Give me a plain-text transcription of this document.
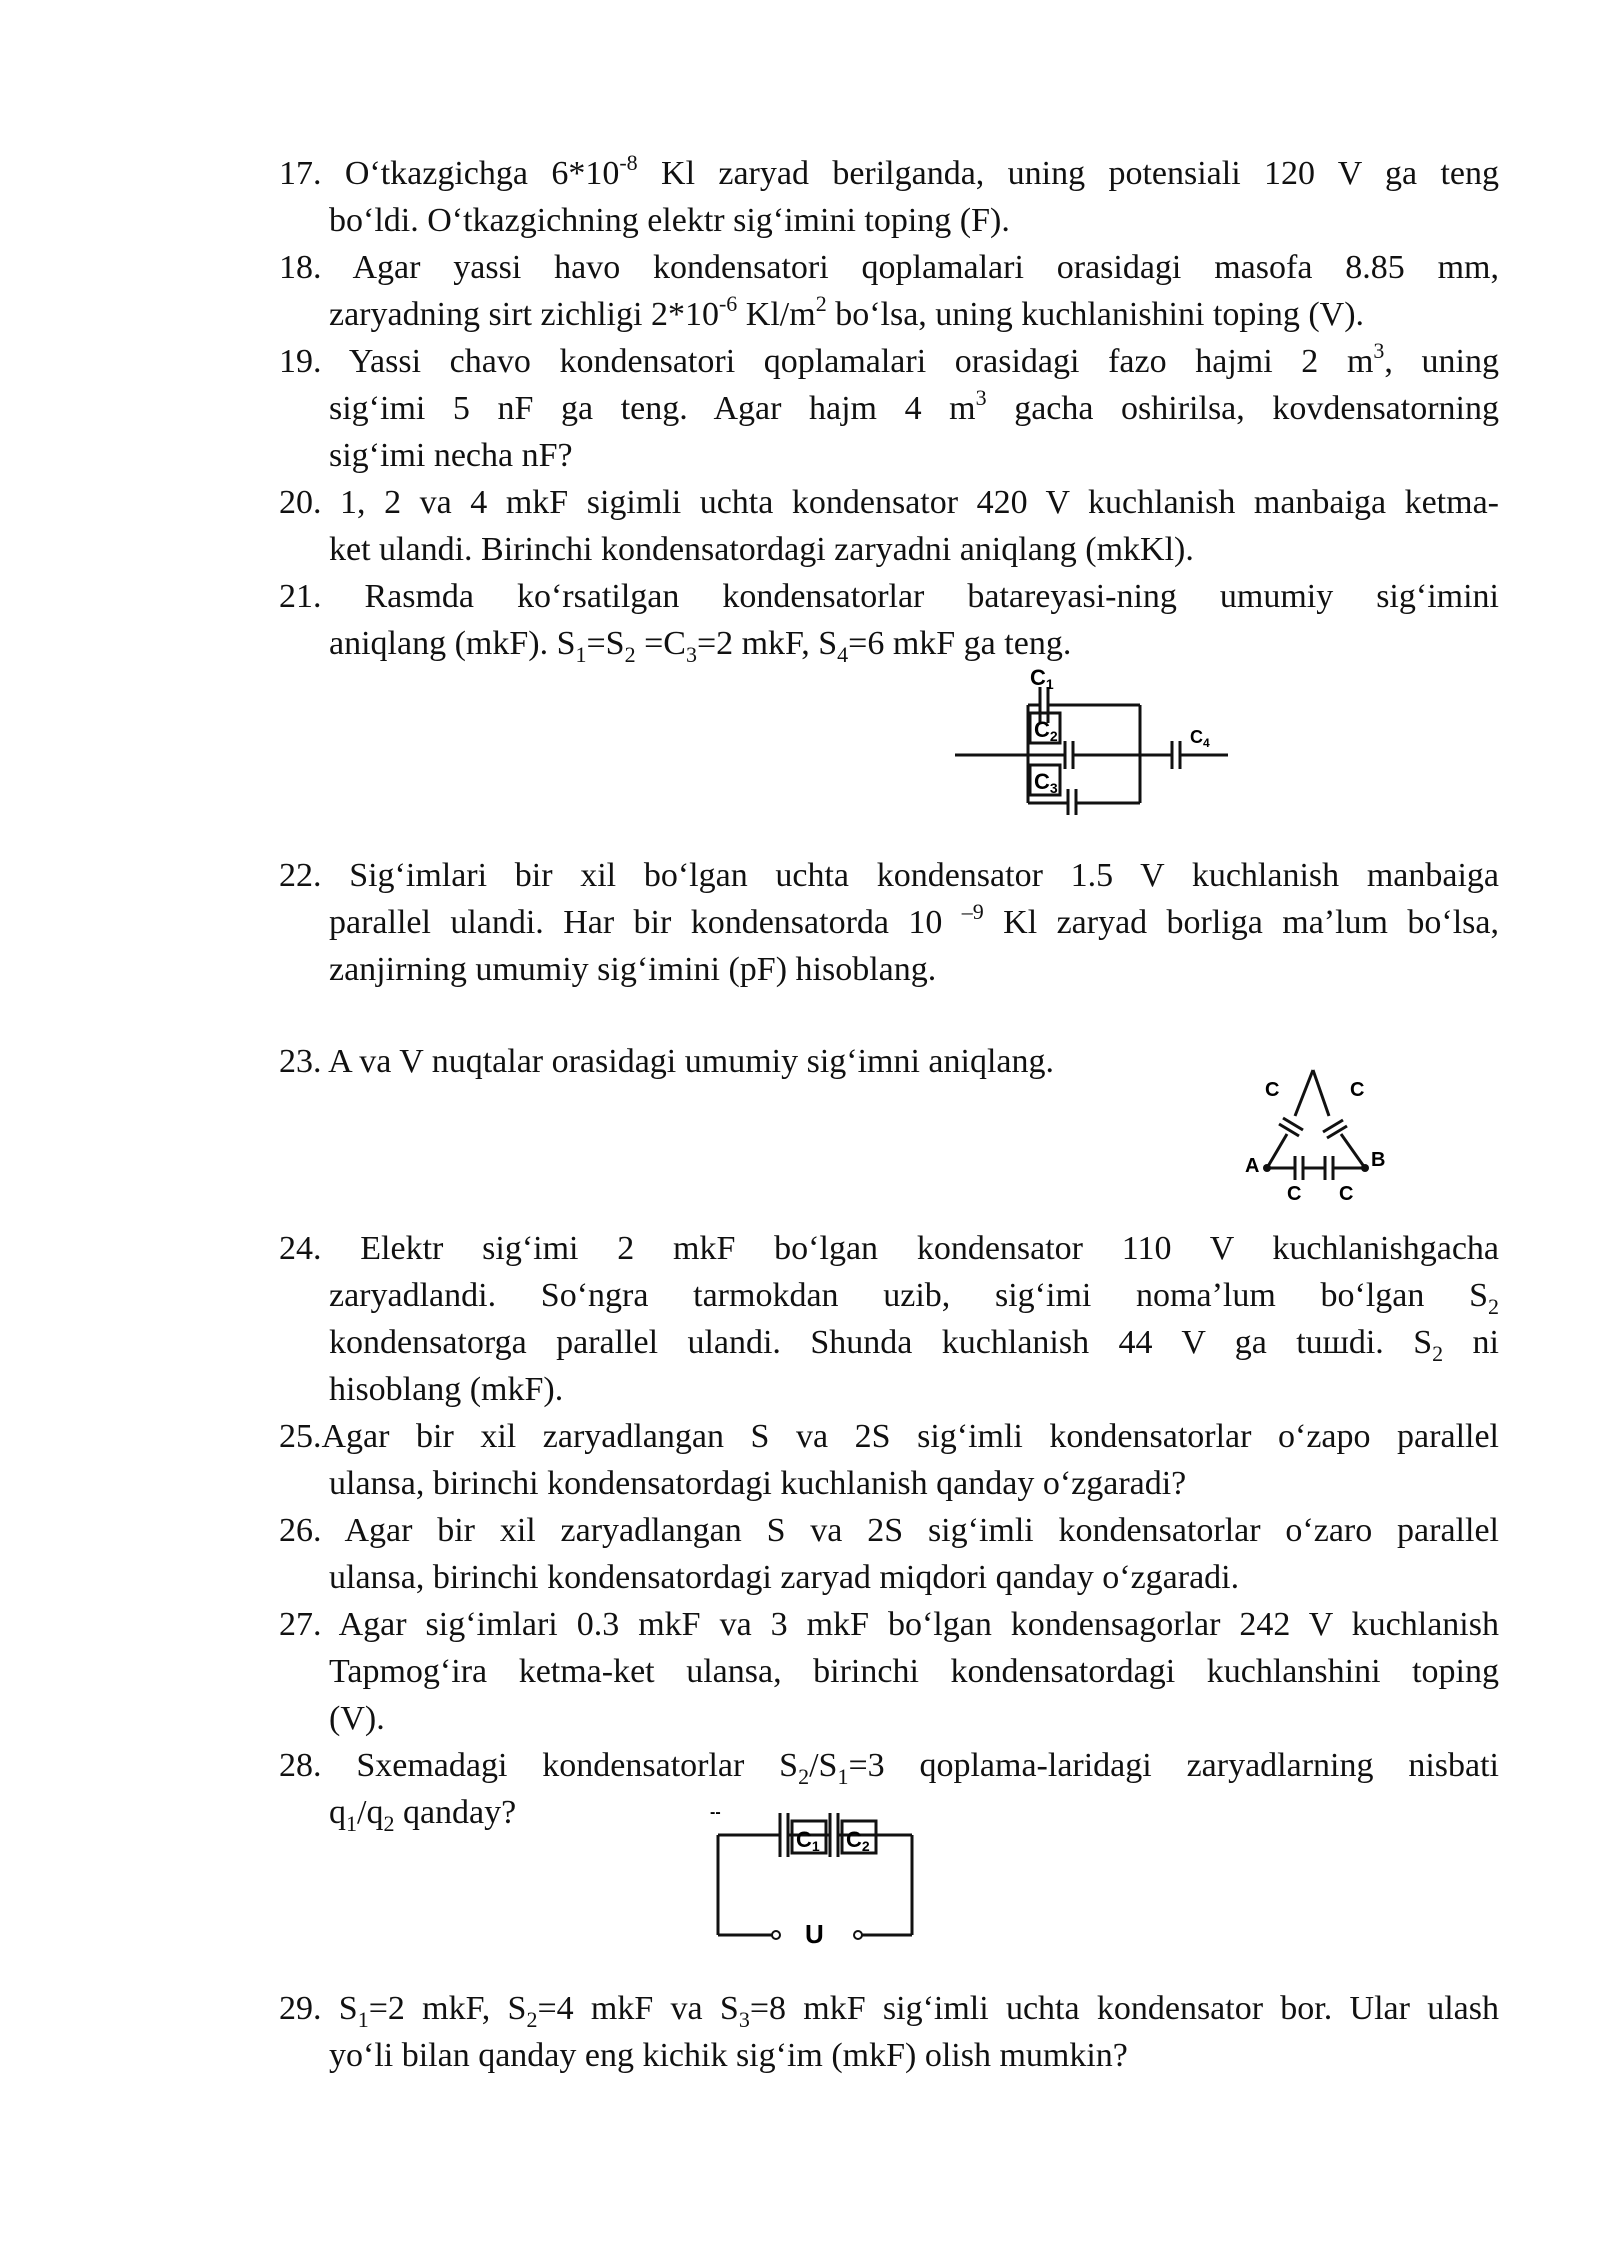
17. Oʻtkazgichga $6*10^{-8}$ Kl zaryad berilganda, uning potensiali 120 V ga teng
boʻldi. Oʻtkazgichning elektr sigʻimini toping (F).
18. Agar yassi havo kondensatori qoplamalari orasidagi masofa 8.85 mm,
zaryadning sirt zichligi $2*10^{-6}$ $Kl/m^2$ boʻlsa, uning kuchlanishini toping (V).
19. Yassi chavo kondensatori qoplamalari orasidagi fazo hajmi 2 $m^3$, uning
sigʻimi 5 nF ga teng. Agar hajm 4 $m^3$ gacha oshirilsa, kovdensatorning
sigʻimi necha nF?
20. 1, 2 va 4 mkF sigimli uchta kondensator 420 V kuchlanish manbaiga ketma-
ket ulandi. Birinchi kondensatordagi zaryadni aniqlang (mkKl).
21. Rasmda koʻrsatilgan kondensatorlar batareyasi-ning umumiy sigʻimini
aniqlang (mkF). $S_1=S_2 =C_3=2$ mkF, $S_4=6$ mkF ga teng.
C1
C2
C3
$C_4$
22. Sigʻimlari bir xil boʻlgan uchta kondensator 1.5 V kuchlanish manbaiga
parallel ulandi. Har bir kondensatorda 10 $^{-9}$ Kl zaryad borliga maʼlum boʻlsa,
zanjirning umumiy sigʻimini (pF) hisoblang.
23. A va V nuqtalar orasidagi umumiy sigʻimni aniqlang.
C	C
A	B
C C
24. Elektr sigʻimi 2 mkF boʻlgan kondensator 110 V kuchlanishgacha
zaryadlandi. Soʻngra tarmokdan uzib, sigʻimi nomaʼlum boʻlgan $S_2$
kondensatorga parallel ulandi. Shunda kuchlanish 44 V ga tuшdi. $S_2$ ni
hisoblang (mkF).
25.Agar bir xil zaryadlangan S va 2S sigʻimli kondensatorlar oʻzapo parallel
ulansa, birinchi kondensatordagi kuchlanish qanday oʻzgaradi?
26. Agar bir xil zaryadlangan S va 2S sigʻimli kondensatorlar oʻzaro parallel
ulansa, birinchi kondensatordagi zaryad miqdori qanday oʻzgaradi.
27. Agar sigʻimlari 0.3 mkF va 3 mkF boʻlgan kondensagorlar 242 V kuchlanish
Tapmogʻira ketma-ket ulansa, birinchi kondensatordagi kuchlanshini toping
(V).
28. Sxemadagi kondensatorlar $S_2/S_1=3$ qoplama-laridagi zaryadlarning nisbati
$q_1/q_2$ qanday?	--
C1 C2
U
29. $S_1=2$ mkF, $S_2=4$ mkF va $S_3=8$ mkF sigʻimli uchta kondensator bor. Ular ulash
yoʻli bilan qanday eng kichik sigʻim (mkF) olish mumkin?
